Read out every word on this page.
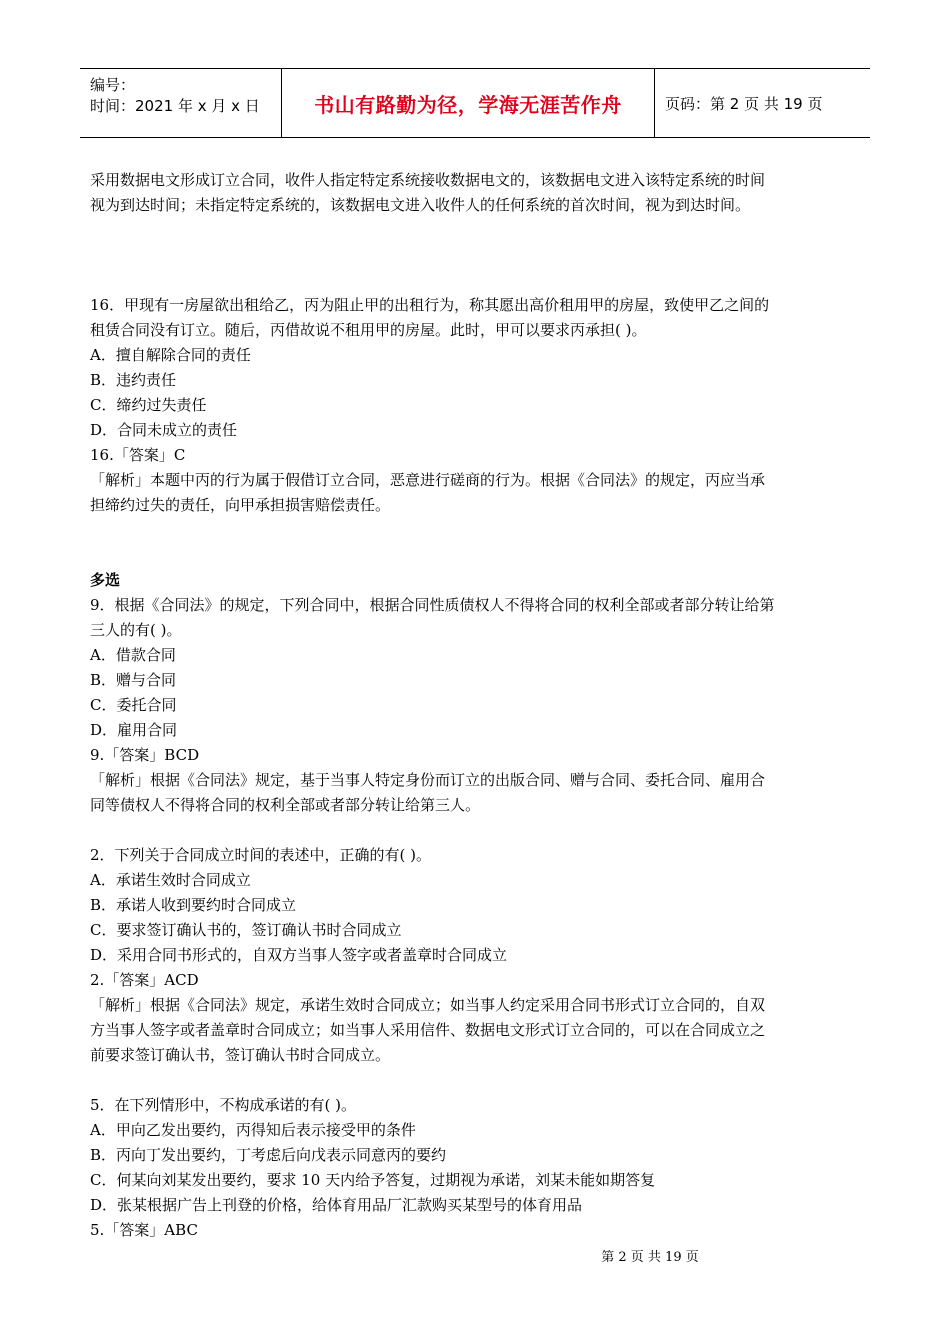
编号：
时间：2021 年 x 月 x 日	书山有路勤为径，学海无涯苦作舟	页码：第 2 页 共 19 页

采用数据电文形成订立合同，收件人指定特定系统接收数据电文的，该数据电文进入该特定系统的时间

视为到达时间；未指定特定系统的，该数据电文进入收件人的任何系统的首次时间，视为到达时间。

16．甲现有一房屋欲出租给乙，丙为阻止甲的出租行为，称其愿出高价租用甲的房屋，致使甲乙之间的

租赁合同没有订立。随后，丙借故说不租用甲的房屋。此时，甲可以要求丙承担( )。

A．擅自解除合同的责任

B．违约责任

C．缔约过失责任

D．合同未成立的责任

16.「答案」C

「解析」本题中丙的行为属于假借订立合同，恶意进行磋商的行为。根据《合同法》的规定，丙应当承

担缔约过失的责任，向甲承担损害赔偿责任。

多选

9．根据《合同法》的规定，下列合同中，根据合同性质债权人不得将合同的权利全部或者部分转让给第

三人的有( )。

A．借款合同

B．赠与合同

C．委托合同

D．雇用合同

9.「答案」BCD

「解析」根据《合同法》规定，基于当事人特定身份而订立的出版合同、赠与合同、委托合同、雇用合

同等债权人不得将合同的权利全部或者部分转让给第三人。

2．下列关于合同成立时间的表述中，正确的有( )。

A．承诺生效时合同成立

B．承诺人收到要约时合同成立

C．要求签订确认书的，签订确认书时合同成立

D．采用合同书形式的，自双方当事人签字或者盖章时合同成立

2.「答案」ACD

「解析」根据《合同法》规定，承诺生效时合同成立；如当事人约定采用合同书形式订立合同的，自双

方当事人签字或者盖章时合同成立；如当事人采用信件、数据电文形式订立合同的，可以在合同成立之

前要求签订确认书，签订确认书时合同成立。

5．在下列情形中，不构成承诺的有( )。

A．甲向乙发出要约，丙得知后表示接受甲的条件

B．丙向丁发出要约，丁考虑后向戊表示同意丙的要约

C．何某向刘某发出要约，要求 10 天内给予答复，过期视为承诺，刘某未能如期答复

D．张某根据广告上刊登的价格，给体育用品厂汇款购买某型号的体育用品

5.「答案」ABC

第 2 页 共 19 页
